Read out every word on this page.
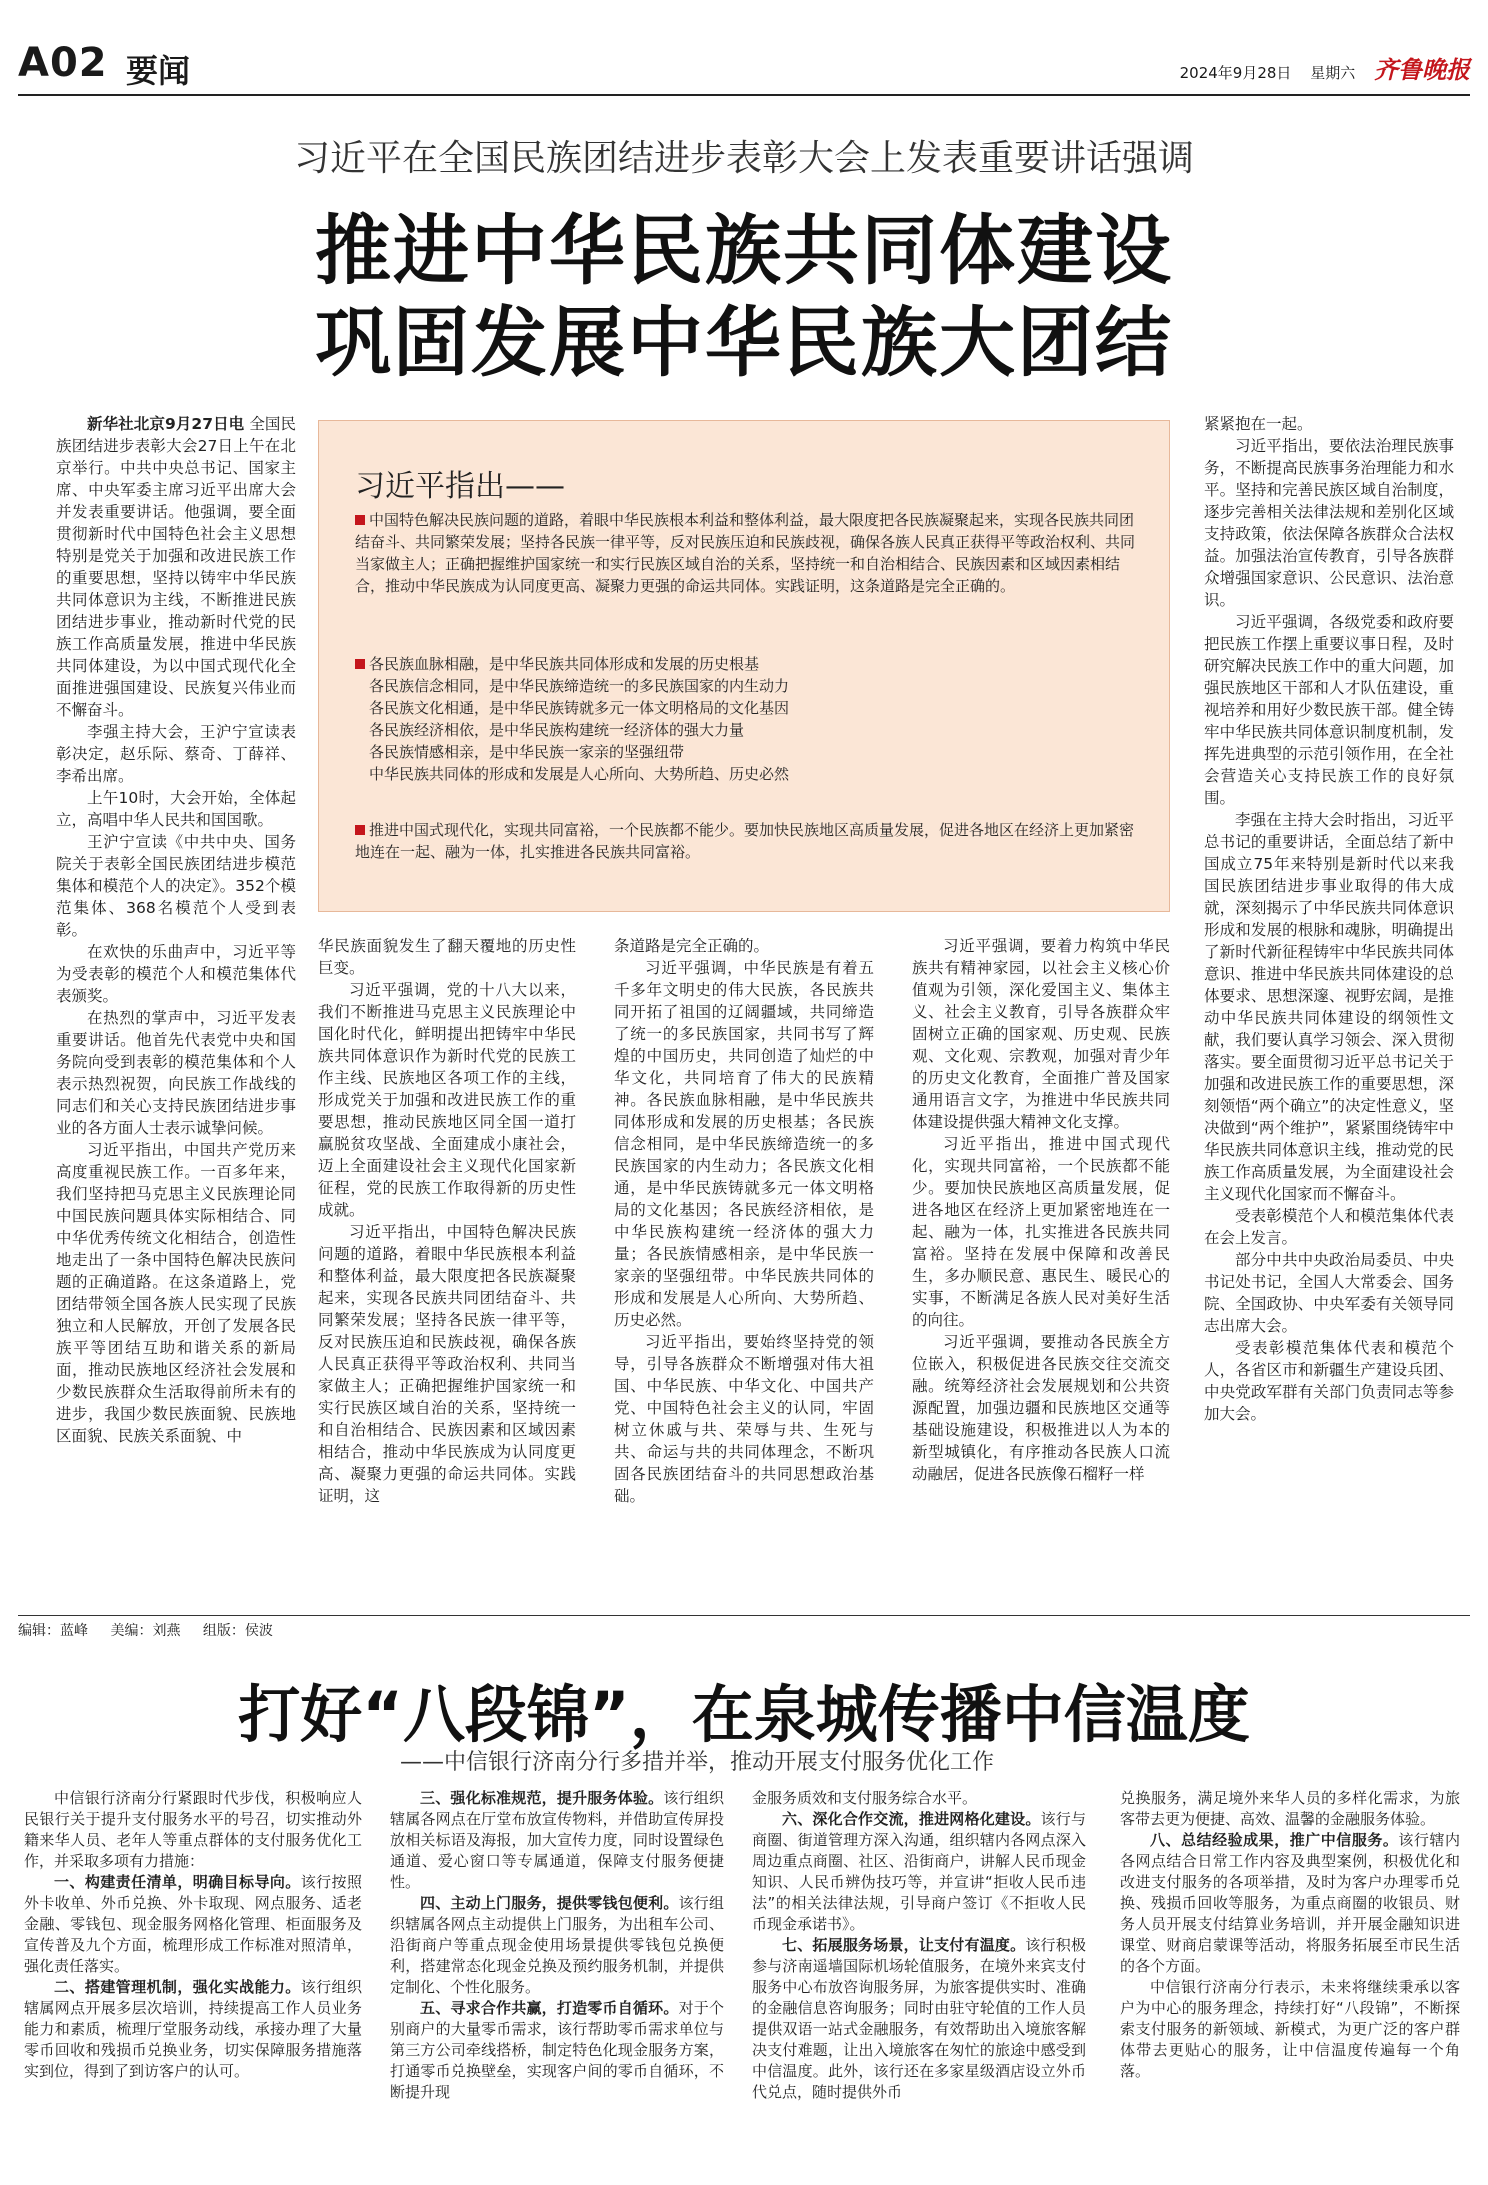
A02 要闻	2024年9月28日 星期六 齐鲁晚报
习近平在全国民族团结进步表彰大会上发表重要讲话强调
推进中华民族共同体建设
巩固发展中华民族大团结

新华社北京9月27日电 全国民族团结进步表彰大会27日上午在北京举行。中共中央总书记、国家主席、中央军委主席习近平出席大会并发表重要讲话。他强调，要全面贯彻新时代中国特色社会主义思想特别是党关于加强和改进民族工作的重要思想，坚持以铸牢中华民族共同体意识为主线，不断推进民族团结进步事业，推动新时代党的民族工作高质量发展，推进中华民族共同体建设，为以中国式现代化全面推进强国建设、民族复兴伟业而不懈奋斗。

李强主持大会，王沪宁宣读表彰决定，赵乐际、蔡奇、丁薛祥、李希出席。

上午10时，大会开始，全体起立，高唱中华人民共和国国歌。

王沪宁宣读《中共中央、国务院关于表彰全国民族团结进步模范集体和模范个人的决定》。352个模范集体、368名模范个人受到表彰。

在欢快的乐曲声中，习近平等为受表彰的模范个人和模范集体代表颁奖。

在热烈的掌声中，习近平发表重要讲话。他首先代表党中央和国务院向受到表彰的模范集体和个人表示热烈祝贺，向民族工作战线的同志们和关心支持民族团结进步事业的各方面人士表示诚挚问候。

习近平指出，中国共产党历来高度重视民族工作。一百多年来，我们坚持把马克思主义民族理论同中国民族问题具体实际相结合、同中华优秀传统文化相结合，创造性地走出了一条中国特色解决民族问题的正确道路。在这条道路上，党团结带领全国各族人民实现了民族独立和人民解放，开创了发展各民族平等团结互助和谐关系的新局面，推动民族地区经济社会发展和少数民族群众生活取得前所未有的进步，我国少数民族面貌、民族地区面貌、民族关系面貌、中

习近平指出——
中国特色解决民族问题的道路，着眼中华民族根本利益和整体利益，最大限度把各民族凝聚起来，实现各民族共同团结奋斗、共同繁荣发展；坚持各民族一律平等，反对民族压迫和民族歧视，确保各族人民真正获得平等政治权利、共同当家做主人；正确把握维护国家统一和实行民族区域自治的关系，坚持统一和自治相结合、民族因素和区域因素相结合，推动中华民族成为认同度更高、凝聚力更强的命运共同体。实践证明，这条道路是完全正确的。
各民族血脉相融，是中华民族共同体形成和发展的历史根基
各民族信念相同，是中华民族缔造统一的多民族国家的内生动力
各民族文化相通，是中华民族铸就多元一体文明格局的文化基因
各民族经济相依，是中华民族构建统一经济体的强大力量
各民族情感相亲，是中华民族一家亲的坚强纽带
中华民族共同体的形成和发展是人心所向、大势所趋、历史必然
推进中国式现代化，实现共同富裕，一个民族都不能少。要加快民族地区高质量发展，促进各地区在经济上更加紧密地连在一起、融为一体，扎实推进各民族共同富裕。

华民族面貌发生了翻天覆地的历史性巨变。

习近平强调，党的十八大以来，我们不断推进马克思主义民族理论中国化时代化，鲜明提出把铸牢中华民族共同体意识作为新时代党的民族工作主线、民族地区各项工作的主线，形成党关于加强和改进民族工作的重要思想，推动民族地区同全国一道打赢脱贫攻坚战、全面建成小康社会，迈上全面建设社会主义现代化国家新征程，党的民族工作取得新的历史性成就。

习近平指出，中国特色解决民族问题的道路，着眼中华民族根本利益和整体利益，最大限度把各民族凝聚起来，实现各民族共同团结奋斗、共同繁荣发展；坚持各民族一律平等，反对民族压迫和民族歧视，确保各族人民真正获得平等政治权利、共同当家做主人；正确把握维护国家统一和实行民族区域自治的关系，坚持统一和自治相结合、民族因素和区域因素相结合，推动中华民族成为认同度更高、凝聚力更强的命运共同体。实践证明，这

条道路是完全正确的。

习近平强调，中华民族是有着五千多年文明史的伟大民族，各民族共同开拓了祖国的辽阔疆域，共同缔造了统一的多民族国家，共同书写了辉煌的中国历史，共同创造了灿烂的中华文化，共同培育了伟大的民族精神。各民族血脉相融，是中华民族共同体形成和发展的历史根基；各民族信念相同，是中华民族缔造统一的多民族国家的内生动力；各民族文化相通，是中华民族铸就多元一体文明格局的文化基因；各民族经济相依，是中华民族构建统一经济体的强大力量；各民族情感相亲，是中华民族一家亲的坚强纽带。中华民族共同体的形成和发展是人心所向、大势所趋、历史必然。

习近平指出，要始终坚持党的领导，引导各族群众不断增强对伟大祖国、中华民族、中华文化、中国共产党、中国特色社会主义的认同，牢固树立休戚与共、荣辱与共、生死与共、命运与共的共同体理念，不断巩固各民族团结奋斗的共同思想政治基础。

习近平强调，要着力构筑中华民族共有精神家园，以社会主义核心价值观为引领，深化爱国主义、集体主义、社会主义教育，引导各族群众牢固树立正确的国家观、历史观、民族观、文化观、宗教观，加强对青少年的历史文化教育，全面推广普及国家通用语言文字，为推进中华民族共同体建设提供强大精神文化支撑。

习近平指出，推进中国式现代化，实现共同富裕，一个民族都不能少。要加快民族地区高质量发展，促进各地区在经济上更加紧密地连在一起、融为一体，扎实推进各民族共同富裕。坚持在发展中保障和改善民生，多办顺民意、惠民生、暖民心的实事，不断满足各族人民对美好生活的向往。

习近平强调，要推动各民族全方位嵌入，积极促进各民族交往交流交融。统筹经济社会发展规划和公共资源配置，加强边疆和民族地区交通等基础设施建设，积极推进以人为本的新型城镇化，有序推动各民族人口流动融居，促进各民族像石榴籽一样

紧紧抱在一起。

习近平指出，要依法治理民族事务，不断提高民族事务治理能力和水平。坚持和完善民族区域自治制度，逐步完善相关法律法规和差别化区域支持政策，依法保障各族群众合法权益。加强法治宣传教育，引导各族群众增强国家意识、公民意识、法治意识。

习近平强调，各级党委和政府要把民族工作摆上重要议事日程，及时研究解决民族工作中的重大问题，加强民族地区干部和人才队伍建设，重视培养和用好少数民族干部。健全铸牢中华民族共同体意识制度机制，发挥先进典型的示范引领作用，在全社会营造关心支持民族工作的良好氛围。

李强在主持大会时指出，习近平总书记的重要讲话，全面总结了新中国成立75年来特别是新时代以来我国民族团结进步事业取得的伟大成就，深刻揭示了中华民族共同体意识形成和发展的根脉和魂脉，明确提出了新时代新征程铸牢中华民族共同体意识、推进中华民族共同体建设的总体要求、思想深邃、视野宏阔，是推动中华民族共同体建设的纲领性文献，我们要认真学习领会、深入贯彻落实。要全面贯彻习近平总书记关于加强和改进民族工作的重要思想，深刻领悟“两个确立”的决定性意义，坚决做到“两个维护”，紧紧围绕铸牢中华民族共同体意识主线，推动党的民族工作高质量发展，为全面建设社会主义现代化国家而不懈奋斗。

受表彰模范个人和模范集体代表在会上发言。

部分中共中央政治局委员、中央书记处书记，全国人大常委会、国务院、全国政协、中央军委有关领导同志出席大会。

受表彰模范集体代表和模范个人，各省区市和新疆生产建设兵团、中央党政军群有关部门负责同志等参加大会。

编辑：蓝峰 美编：刘燕 组版：侯波
打好“八段锦”，在泉城传播中信温度
——中信银行济南分行多措并举，推动开展支付服务优化工作

中信银行济南分行紧跟时代步伐，积极响应人民银行关于提升支付服务水平的号召，切实推动外籍来华人员、老年人等重点群体的支付服务优化工作，并采取多项有力措施：

一、构建责任清单，明确目标导向。该行按照外卡收单、外币兑换、外卡取现、网点服务、适老金融、零钱包、现金服务网格化管理、柜面服务及宣传普及九个方面，梳理形成工作标准对照清单，强化责任落实。

二、搭建管理机制，强化实战能力。该行组织辖属网点开展多层次培训，持续提高工作人员业务能力和素质，梳理厅堂服务动线，承接办理了大量零币回收和残损币兑换业务，切实保障服务措施落实到位，得到了到访客户的认可。

三、强化标准规范，提升服务体验。该行组织辖属各网点在厅堂布放宣传物料，并借助宣传屏投放相关标语及海报，加大宣传力度，同时设置绿色通道、爱心窗口等专属通道，保障支付服务便捷性。

四、主动上门服务，提供零钱包便利。该行组织辖属各网点主动提供上门服务，为出租车公司、沿街商户等重点现金使用场景提供零钱包兑换便利，搭建常态化现金兑换及预约服务机制，并提供定制化、个性化服务。

五、寻求合作共赢，打造零币自循环。对于个别商户的大量零币需求，该行帮助零币需求单位与第三方公司牵线搭桥，制定特色化现金服务方案，打通零币兑换壁垒，实现客户间的零币自循环，不断提升现

金服务质效和支付服务综合水平。

六、深化合作交流，推进网格化建设。该行与商圈、街道管理方深入沟通，组织辖内各网点深入周边重点商圈、社区、沿街商户，讲解人民币现金知识、人民币辨伪技巧等，并宣讲“拒收人民币违法”的相关法律法规，引导商户签订《不拒收人民币现金承诺书》。

七、拓展服务场景，让支付有温度。该行积极参与济南遥墙国际机场轮值服务，在境外来宾支付服务中心布放咨询服务屏，为旅客提供实时、准确的金融信息咨询服务；同时由驻守轮值的工作人员提供双语一站式金融服务，有效帮助出入境旅客解决支付难题，让出入境旅客在匆忙的旅途中感受到中信温度。此外，该行还在多家星级酒店设立外币代兑点，随时提供外币

兑换服务，满足境外来华人员的多样化需求，为旅客带去更为便捷、高效、温馨的金融服务体验。

八、总结经验成果，推广中信服务。该行辖内各网点结合日常工作内容及典型案例，积极优化和改进支付服务的各项举措，及时为客户办理零币兑换、残损币回收等服务，为重点商圈的收银员、财务人员开展支付结算业务培训，并开展金融知识进课堂、财商启蒙课等活动，将服务拓展至市民生活的各个方面。

中信银行济南分行表示，未来将继续秉承以客户为中心的服务理念，持续打好“八段锦”，不断探索支付服务的新领域、新模式，为更广泛的客户群体带去更贴心的服务，让中信温度传遍每一个角落。
